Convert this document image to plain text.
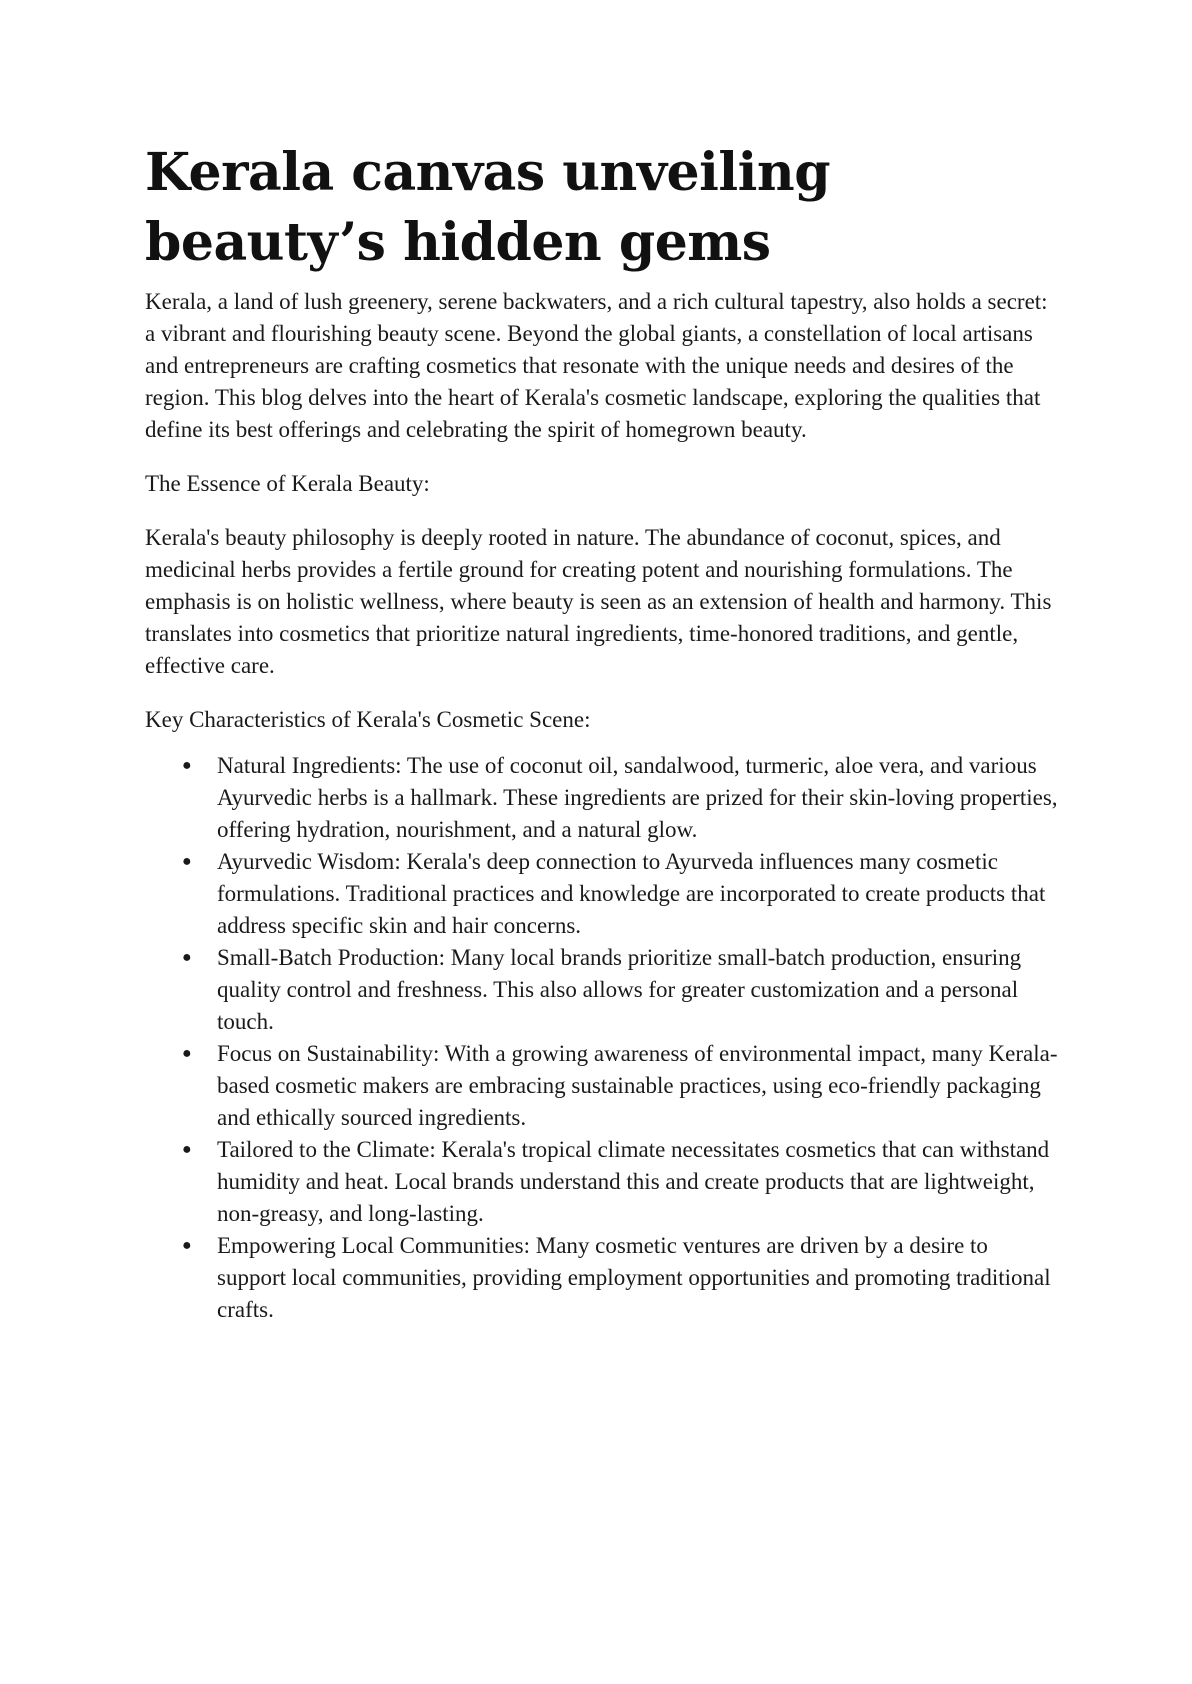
Kerala canvas unveiling
beauty’s hidden gems

Kerala, a land of lush greenery, serene backwaters, and a rich cultural tapestry, also holds a secret: a vibrant and flourishing beauty scene. Beyond the global giants, a constellation of local artisans and entrepreneurs are crafting cosmetics that resonate with the unique needs and desires of the region. This blog delves into the heart of Kerala's cosmetic landscape, exploring the qualities that define its best offerings and celebrating the spirit of homegrown beauty.

The Essence of Kerala Beauty:

Kerala's beauty philosophy is deeply rooted in nature. The abundance of coconut, spices, and medicinal herbs provides a fertile ground for creating potent and nourishing formulations. The emphasis is on holistic wellness, where beauty is seen as an extension of health and harmony. This translates into cosmetics that prioritize natural ingredients, time-honored traditions, and gentle, effective care.

Key Characteristics of Kerala's Cosmetic Scene:

● Natural Ingredients: The use of coconut oil, sandalwood, turmeric, aloe vera, and various Ayurvedic herbs is a hallmark. These ingredients are prized for their skin-loving properties, offering hydration, nourishment, and a natural glow.
● Ayurvedic Wisdom: Kerala's deep connection to Ayurveda influences many cosmetic formulations. Traditional practices and knowledge are incorporated to create products that address specific skin and hair concerns.
● Small-Batch Production: Many local brands prioritize small-batch production, ensuring quality control and freshness. This also allows for greater customization and a personal touch.
● Focus on Sustainability: With a growing awareness of environmental impact, many Kerala-based cosmetic makers are embracing sustainable practices, using eco-friendly packaging and ethically sourced ingredients.
● Tailored to the Climate: Kerala's tropical climate necessitates cosmetics that can withstand humidity and heat. Local brands understand this and create products that are lightweight, non-greasy, and long-lasting.
● Empowering Local Communities: Many cosmetic ventures are driven by a desire to support local communities, providing employment opportunities and promoting traditional crafts.
